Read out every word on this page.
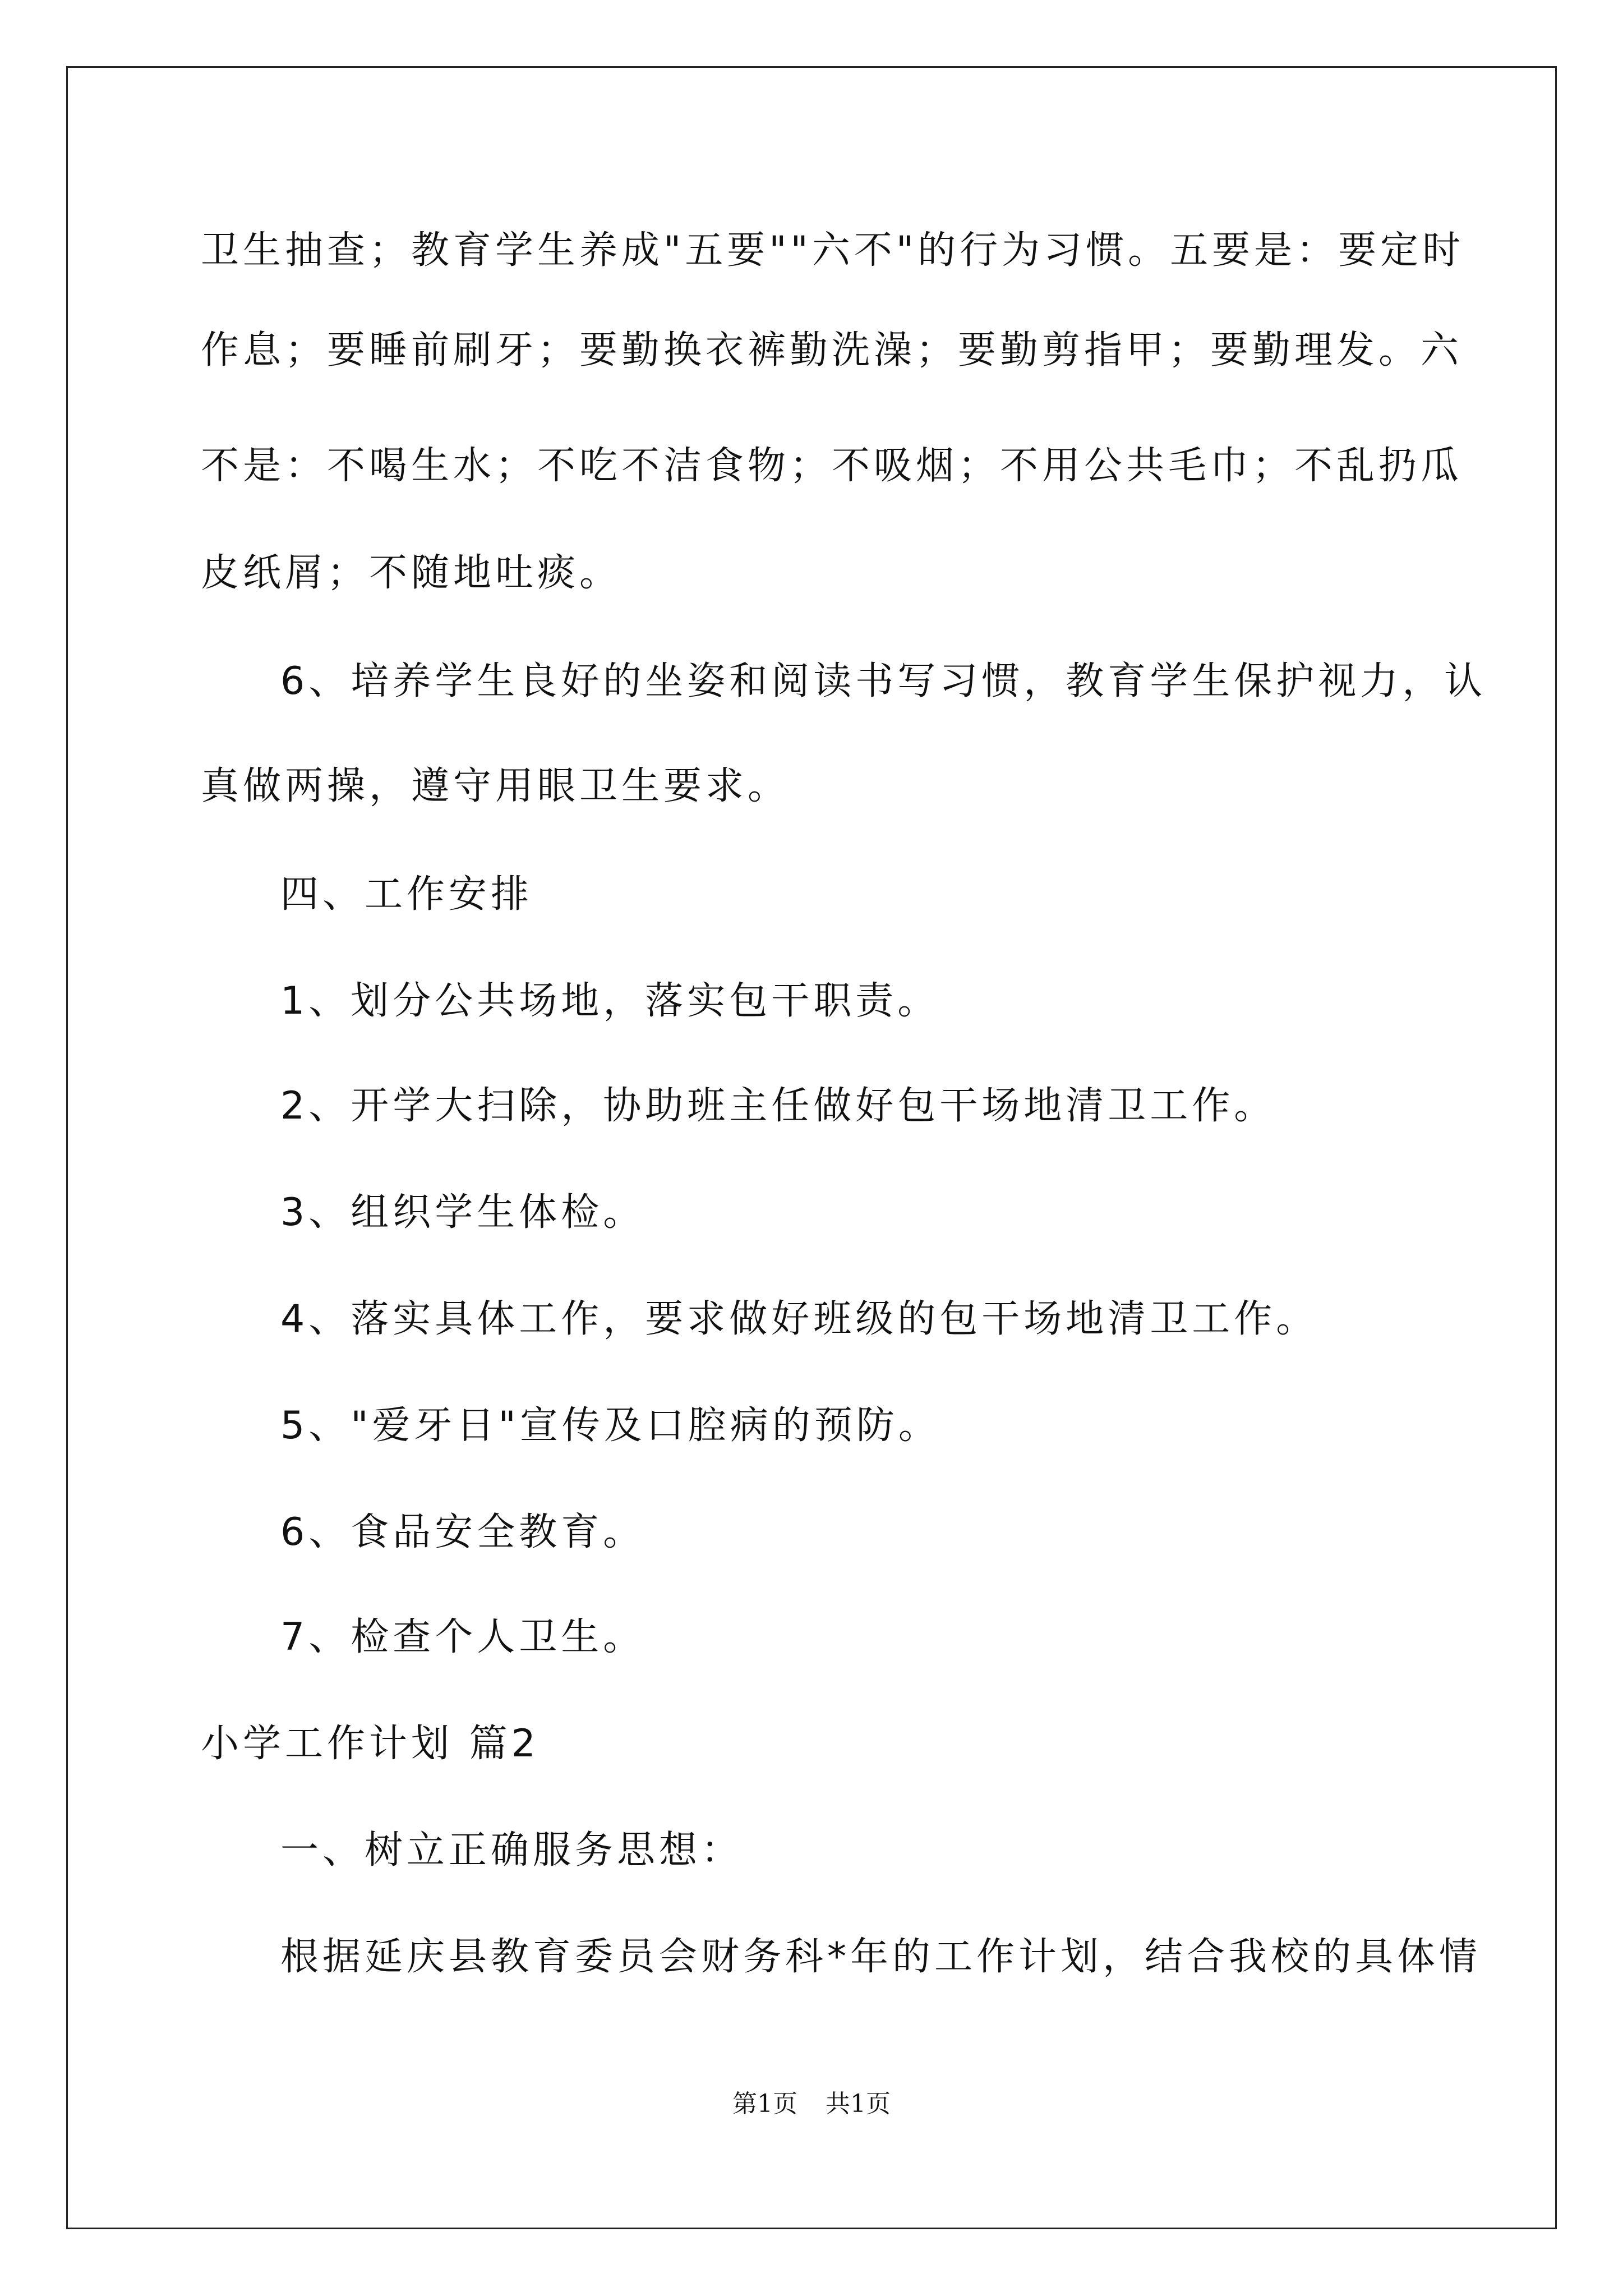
卫生抽查；教育学生养成"五要""六不"的行为习惯。五要是：要定时

作息；要睡前刷牙；要勤换衣裤勤洗澡；要勤剪指甲；要勤理发。六

不是：不喝生水；不吃不洁食物；不吸烟；不用公共毛巾；不乱扔瓜

皮纸屑；不随地吐痰。

6、培养学生良好的坐姿和阅读书写习惯，教育学生保护视力，认

真做两操，遵守用眼卫生要求。

四、工作安排

1、划分公共场地，落实包干职责。

2、开学大扫除，协助班主任做好包干场地清卫工作。

3、组织学生体检。

4、落实具体工作，要求做好班级的包干场地清卫工作。

5、"爱牙日"宣传及口腔病的预防。

6、食品安全教育。

7、检查个人卫生。

小学工作计划 篇2

一、树立正确服务思想：

根据延庆县教育委员会财务科*年的工作计划，结合我校的具体情

第1页 共1页
